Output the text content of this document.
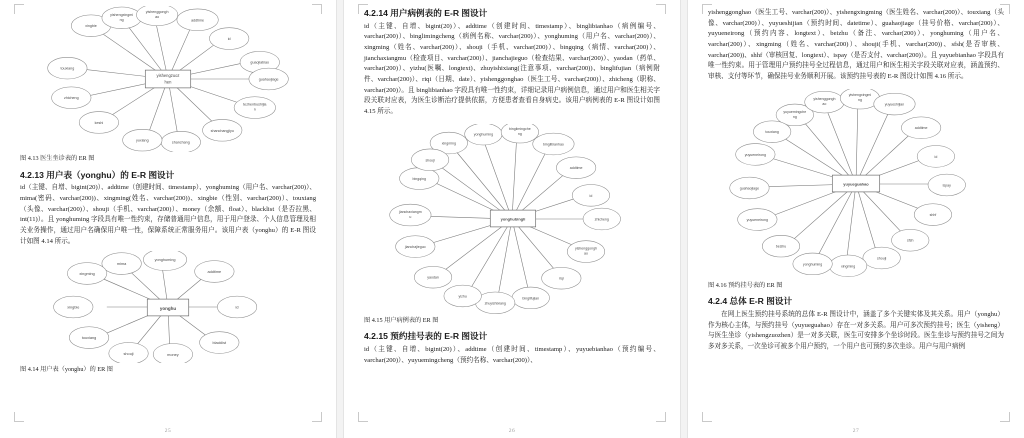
yishengzuoz
hen
xingbie
yishengxingmi
ng
yishenggongh
ao
addtime
id
guaojiabiao
guahaojiage
tezhenbushijia
n
shanchangjiyu
yuxiang
keshi
zhicheng
touxiang
shanchang
图 4.13 医生坐诊表的 ER 图
4.2.13 用户表（yonghu）的 E-R 图设计

id（主键、自增、bigint(20)）、addtime（创建时间、timestamp）、yonghuming（用户名、varchar(200)）、mima(密码、varchar(200))、xingming(姓名、varchar(200))、xingbie（性别、varchar(200)）、touxiang（头像、varchar(200)）、shouji（手机、varchar(200)）、money（余额、float）、blacklist（是否拉黑、int(11)）。且 yonghuming 字段具有唯一性约束，存储普通用户信息，用于用户登录、个人信息管理及相关业务操作，通过用户名确保用户唯一性，保障系统正常服务用户。该用户表（yonghu）的 E-R 图设计如图 4.14 所示。

yonghu
mima
yonghuming
addtime
id
blacklist
money
shouji
touxiang
xingbie
xingming
图 4.14 用户表（yonghu）的 ER 图
25
4.2.14 用户病例表的 E-R 图设计

id（主键、自增、bigint(20)）、addtime（创建时间、timestamp）、binglibianhao（病例编号、varchar(200)）、binglimingcheng（病例名称、varchar(200)）、yonghuming（用户名、varchar(200)）、xingming（姓名、varchar(200)）、shouji（手机、varchar(200)）、bingqing（病情、varchar(200)）、jianchaxiangmu（检查项目、varchar(200)）、jianchajieguo（检查结果、varchar(200)）、yaodan（药单、varchar(200)）、yizhu(医嘱、longtext)、zhuyishixiang(注意事项、varchar(200))、binglifujian（病例附件、varchar(200)）、riqi（日期、date）、yishenggonghao（医生工号、varchar(200)）、zhicheng（职称、varchar(200)）。且 binglibianhao 字段具有唯一性约束，详细记录用户病例信息，通过用户和医生相关字段关联对应表，为医生诊断治疗提供依据，方便患者查看自身病史。该用户病例表的 E-R 图设计如图 4.15 所示。

yonghubingli
xingming
yonghuming
binglimingche
ng
binglibianhao
addtime
id
zhicheng
yishenggongh
ao
riqi
binglifujian
zhuyishixiang
yizhu
yaodan
jianchajieguo
jianchaxiangm
u
bingqing
shouji
图 4.15 用户病例表的 ER 图
4.2.15 预约挂号表的 E-R 图设计

id（主键、自增、bigint(20)）、addtime（创建时间、timestamp）、yuyuebianhao（预约编号、varchar(200)）、yuyuemingcheng（预约名称、varchar(200)）、

26

yishenggonghao（医生工号、varchar(200)）、yishengxingming（医生姓名、varchar(200)）、touxiang（头像、varchar(200)）、yuyueshijian（预约时间、datetime）、guahaojiage（挂号价格、varchar(200)）、yuyueneirong（预约内容、longtext）、beizhu（备注、varchar(200)）、yonghuming（用户名、varchar(200)）、xingming（姓名、varchar(200)）、shouji(手机、varchar(200))、sfsh(是否审核、varchar(200))、shhf（审核回复、longtext）、ispay（是否支付、varchar(200)）。且 yuyuebianhao 字段具有唯一性约束。用于管理用户预约挂号全过程信息，通过用户和医生相关字段关联对应表，涵盖预约、审核、支付等环节，确保挂号业务顺利开展。该预约挂号表的 E-R 图设计如图 4.16 所示。

yuyueguahao
yuyuemingche
ng
yishenggongh
ao
yishengxingmi
ng
yuyueshijian
addtime
id
ispay
shhf
sfsh
shouji
xingming
yonghuming
beizhu
yuyueneirong
guahaojiage
yuyueneirong
touxiang
图 4.16 预约挂号表的 ER 图
4.2.4 总体 E-R 图设计

在网上医生预约挂号系统的总体 E-R 图设计中，涵盖了多个关键实体及其关系。用户（yonghu）作为核心主体，与预约挂号（yuyueguahao）存在一对多关系。用户可多次预约挂号；医生（yisheng）与医生坐诊（yishengzuozhen）是一对多关联，医生可安排多个坐诊时段。医生坐诊与预约挂号之间为多对多关系，一次坐诊可被多个用户预约，一个用户也可预约多次坐诊。用户与用户病例

27
